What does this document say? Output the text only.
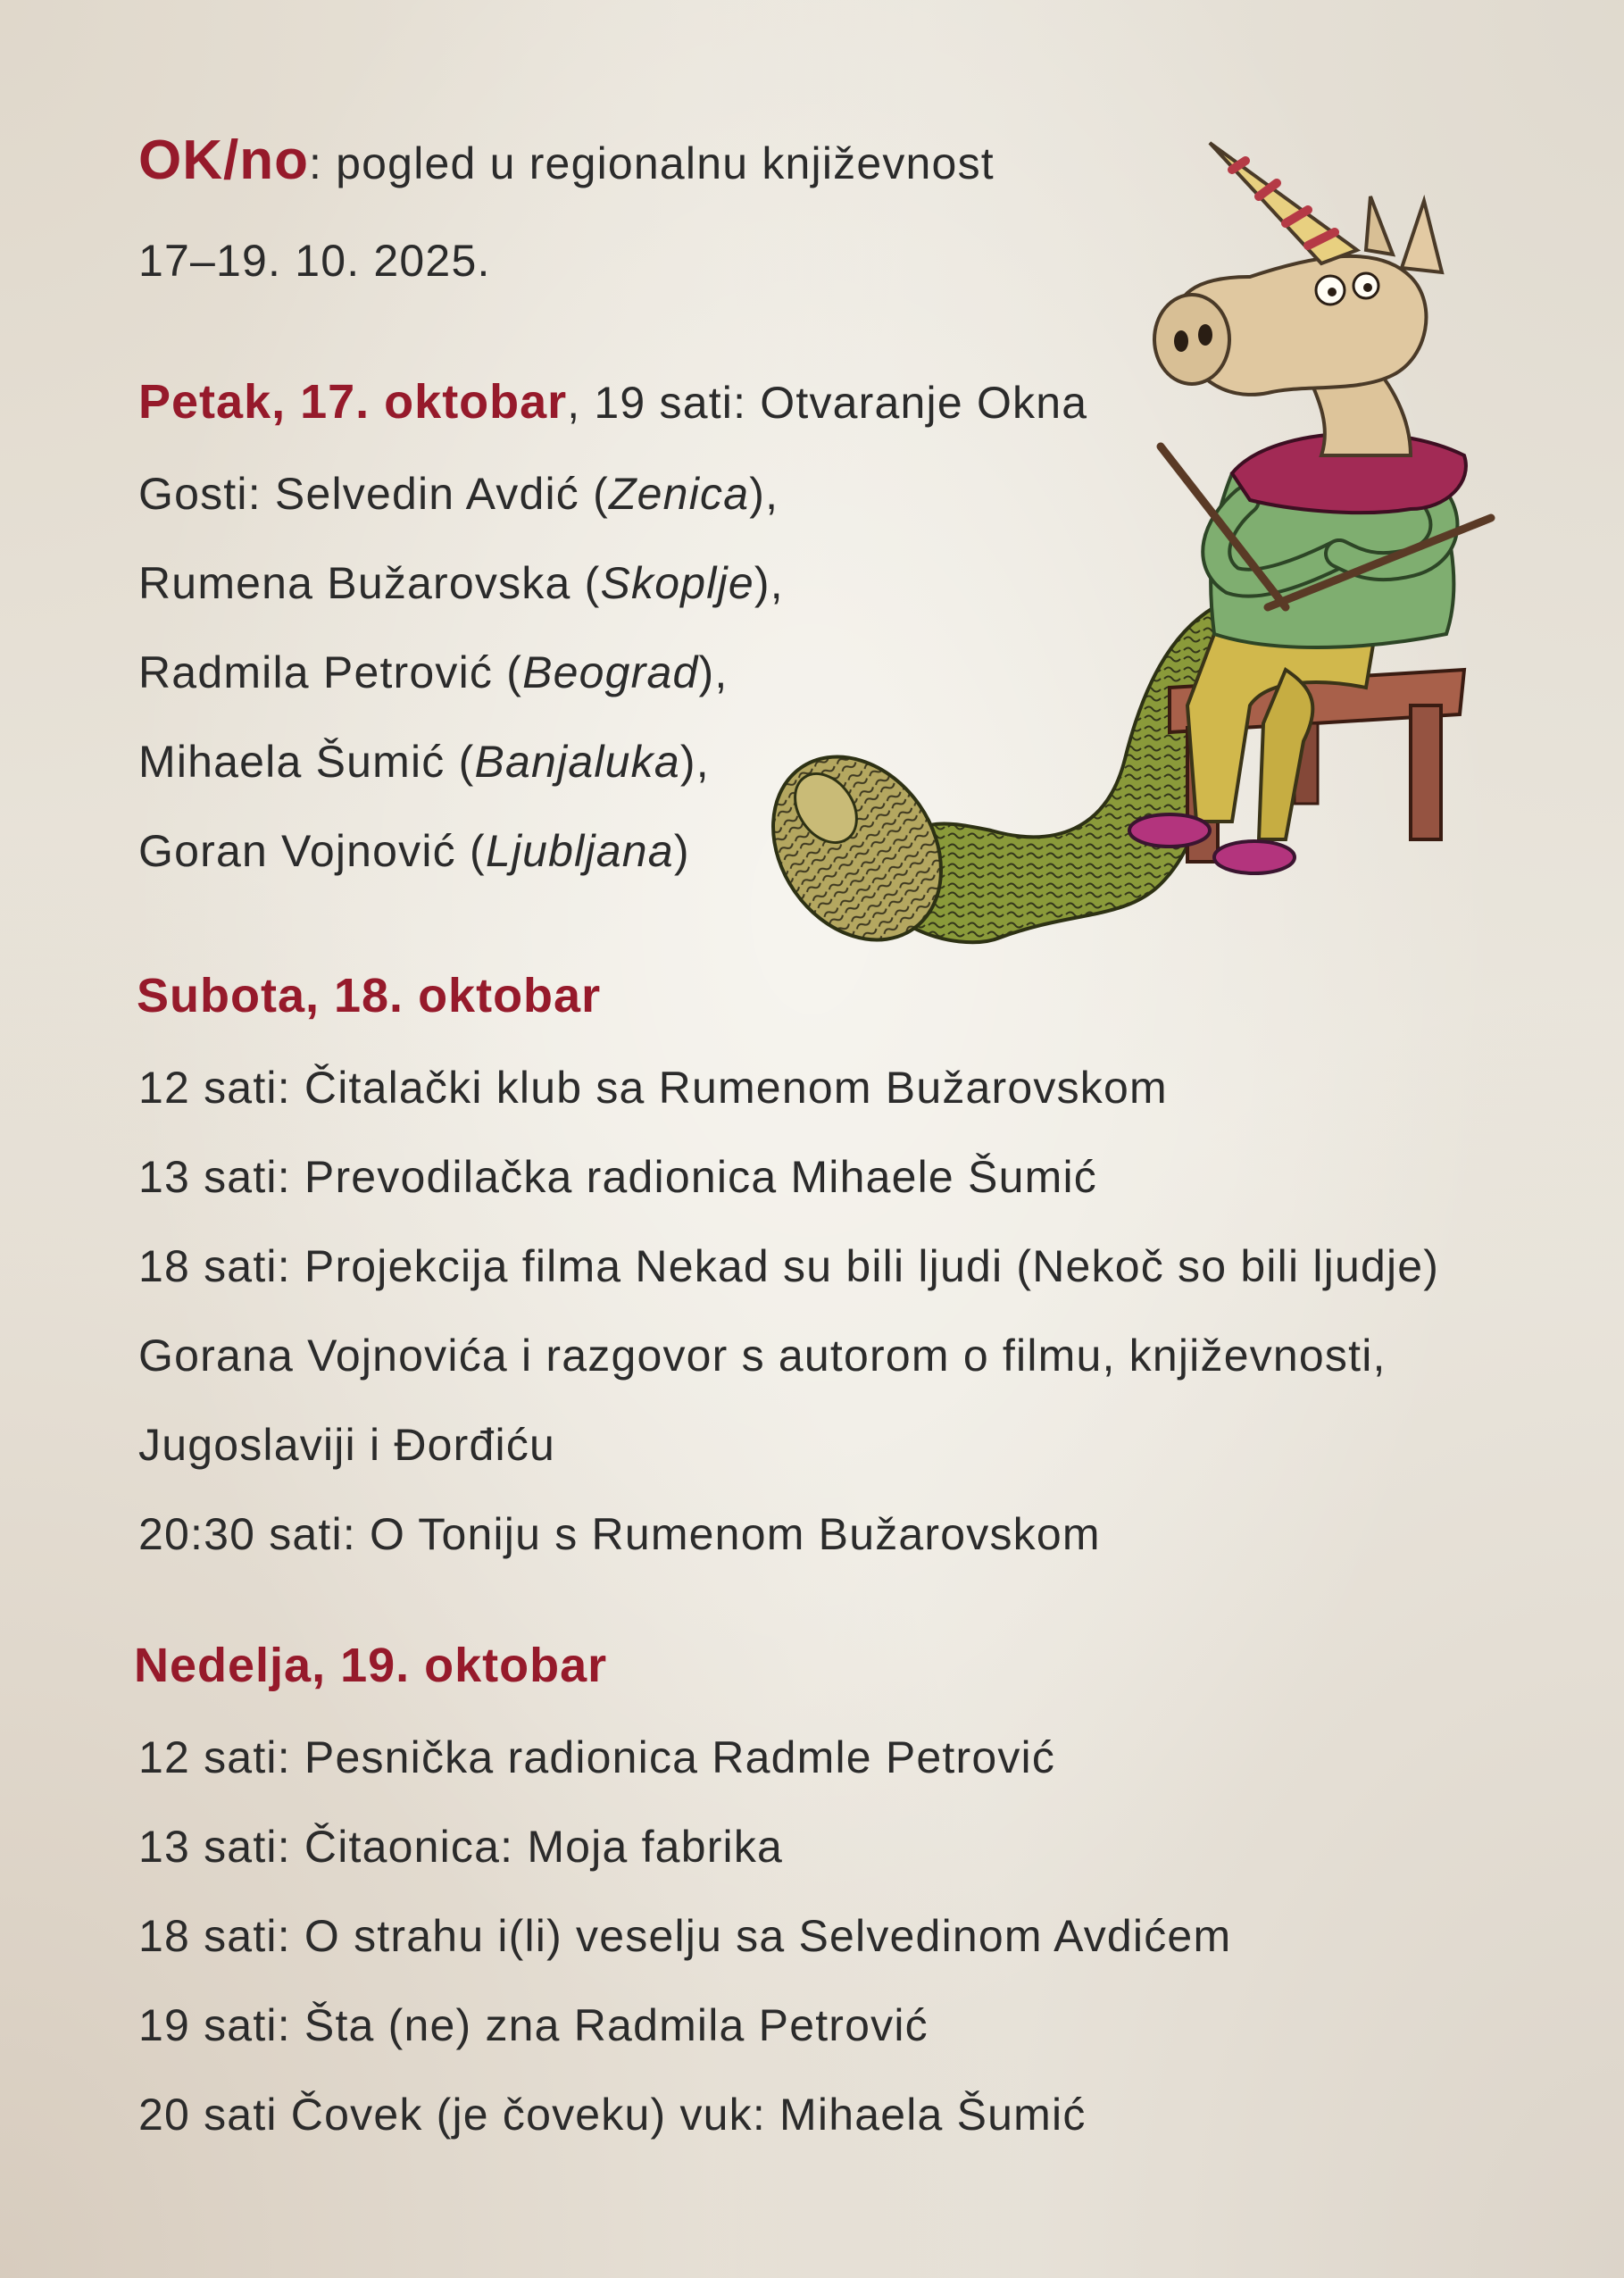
OK/no: pogled u regionalnu književnost
17–19. 10. 2025.
Petak, 17. oktobar, 19 sati: Otvaranje Okna
Gosti: Selvedin Avdić (Zenica),
Rumena Bužarovska (Skoplje),
Radmila Petrović (Beograd),
Mihaela Šumić (Banjaluka),
Goran Vojnović (Ljubljana)
Subota, 18. oktobar
12 sati: Čitalački klub sa Rumenom Bužarovskom
13 sati: Prevodilačka radionica Mihaele Šumić
18 sati: Projekcija filma Nekad su bili ljudi (Nekoč so bili ljudje)
Gorana Vojnovića i razgovor s autorom o filmu, književnosti,
Jugoslaviji i Đorđiću
20:30 sati: O Toniju s Rumenom Bužarovskom
Nedelja, 19. oktobar
12 sati: Pesnička radionica Radmle Petrović
13 sati: Čitaonica: Moja fabrika
18 sati: O strahu i(li) veselju sa Selvedinom Avdićem
19 sati: Šta (ne) zna Radmila Petrović
20 sati Čovek (je čoveku) vuk: Mihaela Šumić
